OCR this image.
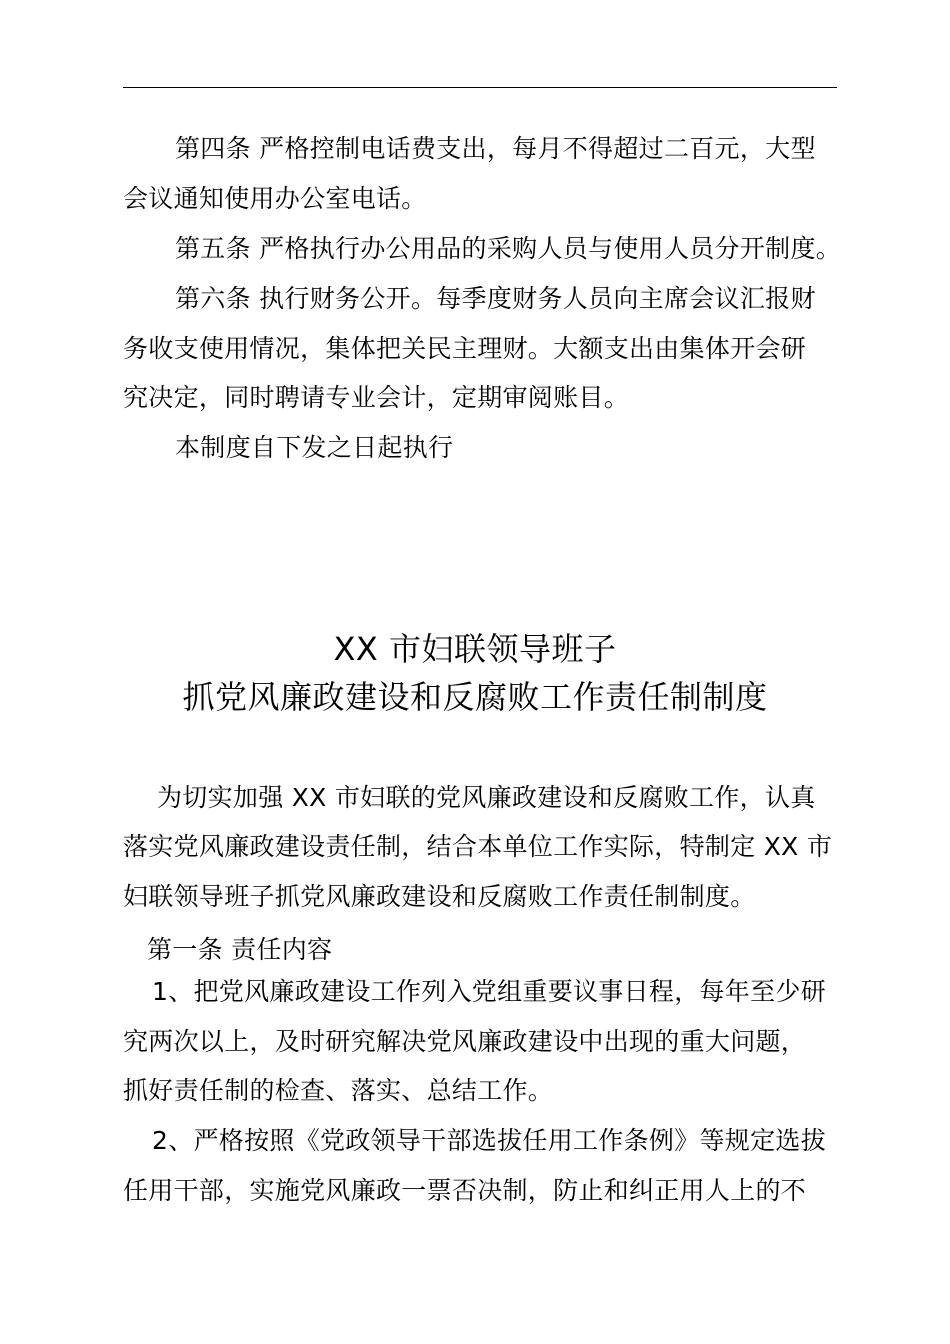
第四条 严格控制电话费支出，每月不得超过二百元，大型
会议通知使用办公室电话。
第五条 严格执行办公用品的采购人员与使用人员分开制度。
第六条 执行财务公开。每季度财务人员向主席会议汇报财
务收支使用情况，集体把关民主理财。大额支出由集体开会研
究决定，同时聘请专业会计，定期审阅账目。
本制度自下发之日起执行
XX 市妇联领导班子
抓党风廉政建设和反腐败工作责任制制度
为切实加强 XX 市妇联的党风廉政建设和反腐败工作，认真
落实党风廉政建设责任制，结合本单位工作实际，特制定 XX 市
妇联领导班子抓党风廉政建设和反腐败工作责任制制度。
第一条 责任内容
1、把党风廉政建设工作列入党组重要议事日程，每年至少研
究两次以上，及时研究解决党风廉政建设中出现的重大问题，
抓好责任制的检查、落实、总结工作。
2、严格按照《党政领导干部选拔任用工作条例》等规定选拔
任用干部，实施党风廉政一票否决制，防止和纠正用人上的不
